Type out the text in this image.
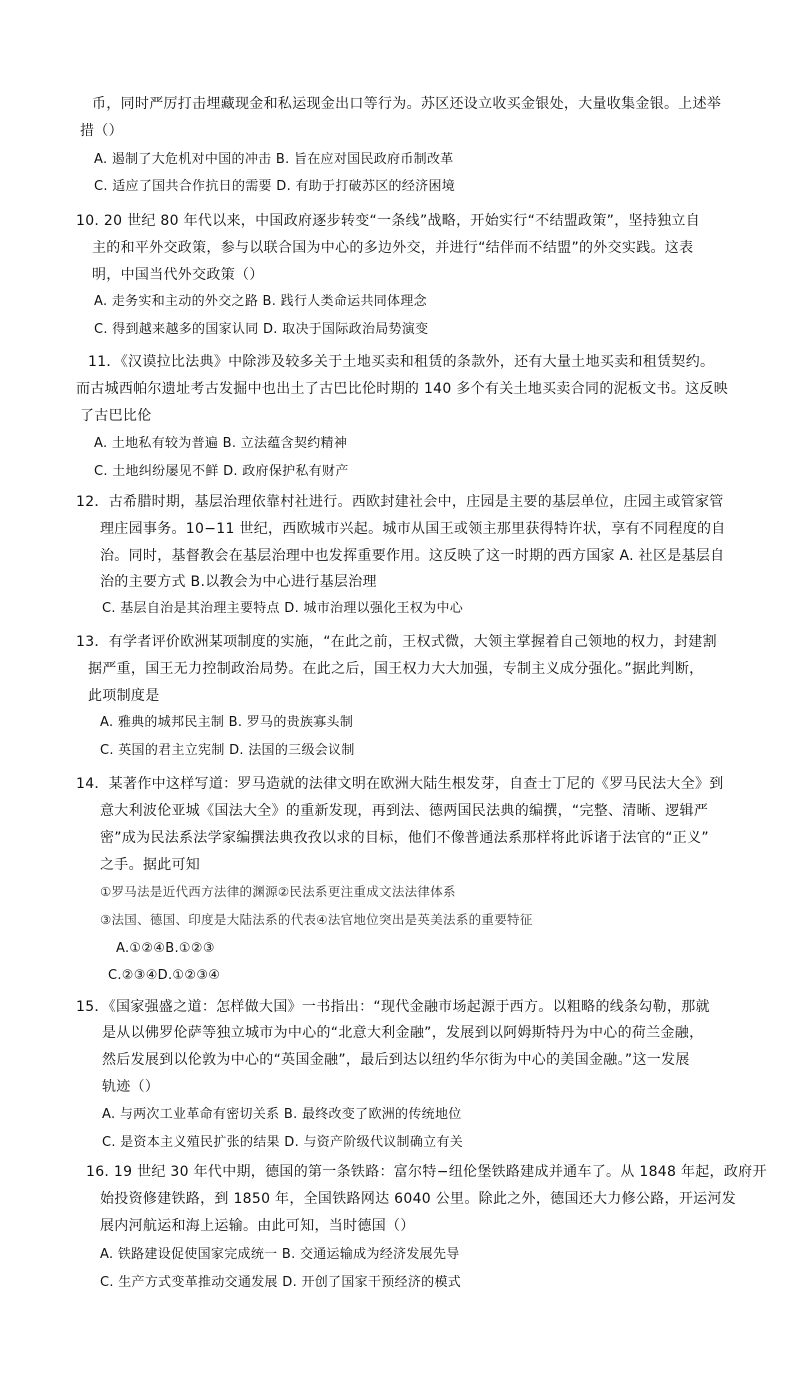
币，同时严厉打击埋藏现金和私运现金出口等行为。苏区还设立收买金银处，大量收集金银。上述举
措（）
A. 遏制了大危机对中国的冲击 B. 旨在应对国民政府币制改革
C. 适应了国共合作抗日的需要 D. 有助于打破苏区的经济困境
10. 20 世纪 80 年代以来，中国政府逐步转变“一条线”战略，开始实行“不结盟政策”，坚持独立自
主的和平外交政策，参与以联合国为中心的多边外交，并进行“结伴而不结盟”的外交实践。这表
明，中国当代外交政策（）
A. 走务实和主动的外交之路 B. 践行人类命运共同体理念
C. 得到越来越多的国家认同 D. 取决于国际政治局势演变
11．《汉谟拉比法典》中除涉及较多关于土地买卖和租赁的条款外，还有大量土地买卖和租赁契约。
而古城西帕尔遗址考古发掘中也出土了古巴比伦时期的 140 多个有关土地买卖合同的泥板文书。这反映
了古巴比伦
A. 土地私有较为普遍 B. 立法蕴含契约精神
C. 土地纠纷屡见不鲜 D. 政府保护私有财产
12．古希腊时期，基层治理依靠村社进行。西欧封建社会中，庄园是主要的基层单位，庄园主或管家管
理庄园事务。10−11 世纪，西欧城市兴起。城市从国王或领主那里获得特许状，享有不同程度的自
治。同时，基督教会在基层治理中也发挥重要作用。这反映了这一时期的西方国家 A. 社区是基层自
治的主要方式 B.以教会为中心进行基层治理
C. 基层自治是其治理主要特点 D. 城市治理以强化王权为中心
13．有学者评价欧洲某项制度的实施，“在此之前，王权式微，大领主掌握着自己领地的权力，封建割
据严重，国王无力控制政治局势。在此之后，国王权力大大加强，专制主义成分强化。”据此判断，
此项制度是
A. 雅典的城邦民主制 B. 罗马的贵族寡头制
C. 英国的君主立宪制 D. 法国的三级会议制
14．某著作中这样写道：罗马造就的法律文明在欧洲大陆生根发芽，自查士丁尼的《罗马民法大全》到
意大利波伦亚城《国法大全》的重新发现，再到法、德两国民法典的编撰，“完整、清晰、逻辑严
密”成为民法系法学家编撰法典孜孜以求的目标，他们不像普通法系那样将此诉诸于法官的“正义”
之手。据此可知
①罗马法是近代西方法律的渊源②民法系更注重成文法法律体系
③法国、德国、印度是大陆法系的代表④法官地位突出是英美法系的重要特征
A.①②④B.①②③
C.②③④D.①②③④
15．《国家强盛之道：怎样做大国》一书指出：“现代金融市场起源于西方。以粗略的线条勾勒，那就
是从以佛罗伦萨等独立城市为中心的“北意大利金融”，发展到以阿姆斯特丹为中心的荷兰金融，
然后发展到以伦敦为中心的“英国金融”，最后到达以纽约华尔街为中心的美国金融。”这一发展
轨迹（）
A. 与两次工业革命有密切关系 B. 最终改变了欧洲的传统地位
C. 是资本主义殖民扩张的结果 D. 与资产阶级代议制确立有关
16. 19 世纪 30 年代中期，德国的第一条铁路：富尔特−纽伦堡铁路建成并通车了。从 1848 年起，政府开
始投资修建铁路，到 1850 年，全国铁路网达 6040 公里。除此之外，德国还大力修公路，开运河发
展内河航运和海上运输。由此可知，当时德国（）
A. 铁路建设促使国家完成统一 B. 交通运输成为经济发展先导
C. 生产方式变革推动交通发展 D. 开创了国家干预经济的模式
